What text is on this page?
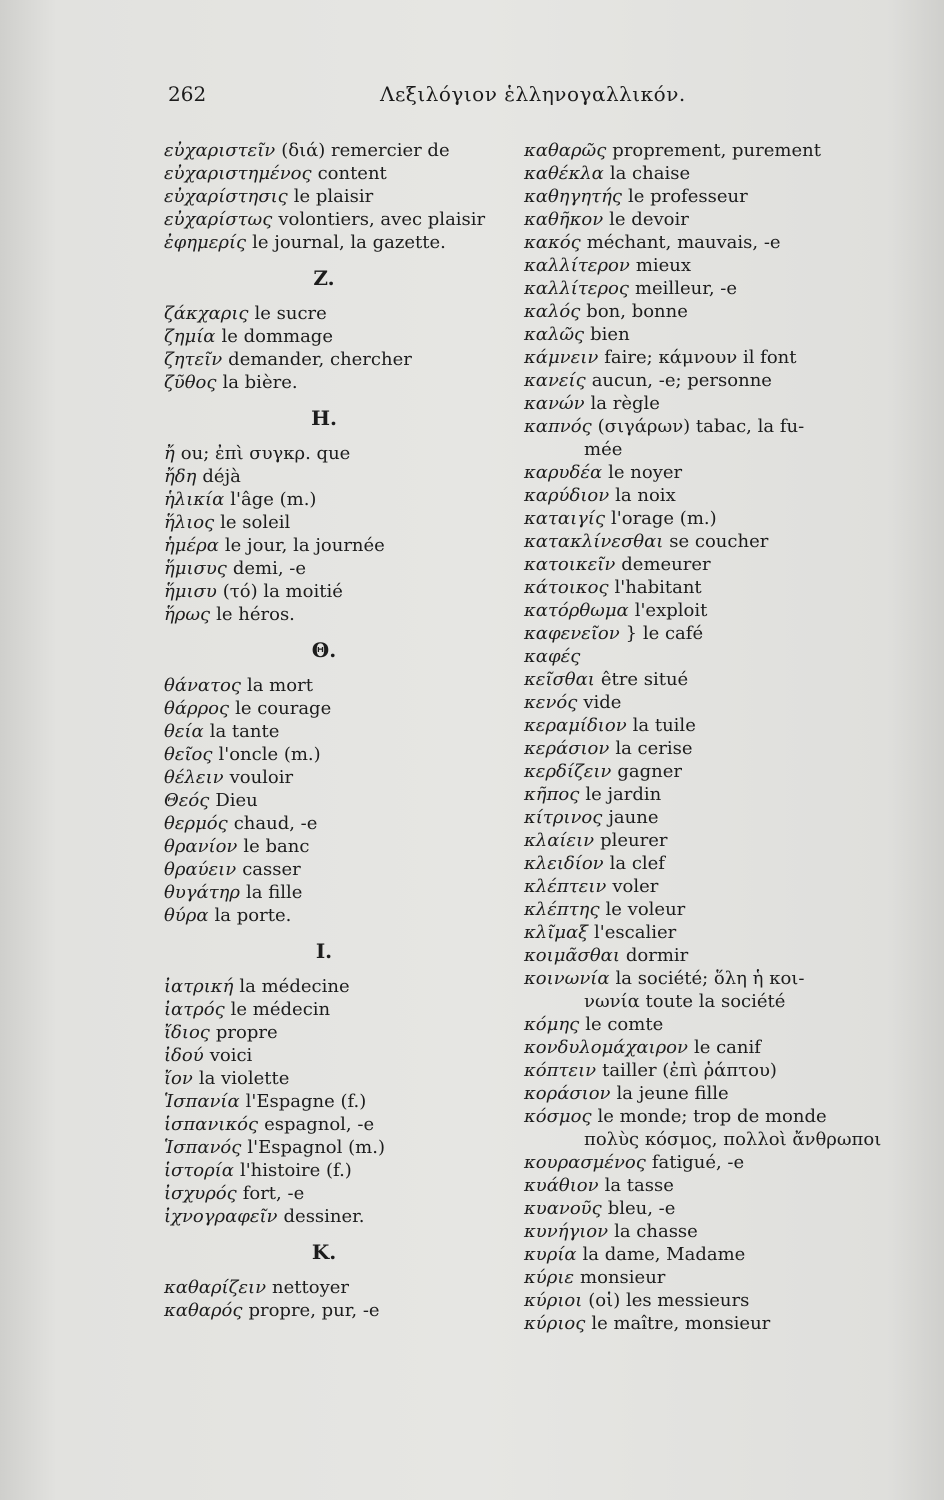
262	Λεξιλόγιον ἑλληνογαλλικόν.
εὐχαριστεῖν (διά) remercier de
εὐχαριστημένος content
εὐχαρίστησις le plaisir
εὐχαρίστως volontiers, avec plaisir
ἐφημερίς le journal, la gazette.
Z.
ζάκχαρις le sucre
ζημία le dommage
ζητεῖν demander, chercher
ζῦθος la bière.
H.
ἤ ou; ἐπὶ συγκρ. que
ἤδη déjà
ἡλικία l'âge (m.)
ἥλιος le soleil
ἡμέρα le jour, la journée
ἥμισυς demi, -e
ἥμισυ (τό) la moitié
ἥρως le héros.
Θ.
θάνατος la mort
θάρρος le courage
θεία la tante
θεῖος l'oncle (m.)
θέλειν vouloir
Θεός Dieu
θερμός chaud, -e
θρανίον le banc
θραύειν casser
θυγάτηρ la fille
θύρα la porte.
I.
ἰατρική la médecine
ἰατρός le médecin
ἴδιος propre
ἰδού voici
ἴον la violette
Ἱσπανία l'Espagne (f.)
ἱσπανικός espagnol, -e
Ἱσπανός l'Espagnol (m.)
ἱστορία l'histoire (f.)
ἰσχυρός fort, -e
ἰχνογραφεῖν dessiner.
K.
καθαρίζειν nettoyer
καθαρός propre, pur, -e
καθαρῶς proprement, purement
καθέκλα la chaise
καθηγητής le professeur
καθῆκον le devoir
κακός méchant, mauvais, -e
καλλίτερον mieux
καλλίτερος meilleur, -e
καλός bon, bonne
καλῶς bien
κάμνειν faire; κάμνουν il font
κανείς aucun, -e; personne
κανών la règle
καπνός (σιγάρων) tabac, la fu-
mée
καρυδέα le noyer
καρύδιον la noix
καταιγίς l'orage (m.)
κατακλίνεσθαι se coucher
κατοικεῖν demeurer
κάτοικος l'habitant
κατόρθωμα l'exploit
καφενεῖον } le café
καφές
κεῖσθαι être situé
κενός vide
κεραμίδιον la tuile
κεράσιον la cerise
κερδίζειν gagner
κῆπος le jardin
κίτρινος jaune
κλαίειν pleurer
κλειδίον la clef
κλέπτειν voler
κλέπτης le voleur
κλῖμαξ l'escalier
κοιμᾶσθαι dormir
κοινωνία la société; ὅλη ἡ κοι-
νωνία toute la société
κόμης le comte
κονδυλομάχαιρον le canif
κόπτειν tailler (ἐπὶ ῥάπτου)
κοράσιον la jeune fille
κόσμος le monde; trop de monde
πολὺς κόσμος, πολλοὶ ἄνθρωποι
κουρασμένος fatigué, -e
κυάθιον la tasse
κυανοῦς bleu, -e
κυνήγιον la chasse
κυρία la dame, Madame
κύριε monsieur
κύριοι (οἱ) les messieurs
κύριος le maître, monsieur
